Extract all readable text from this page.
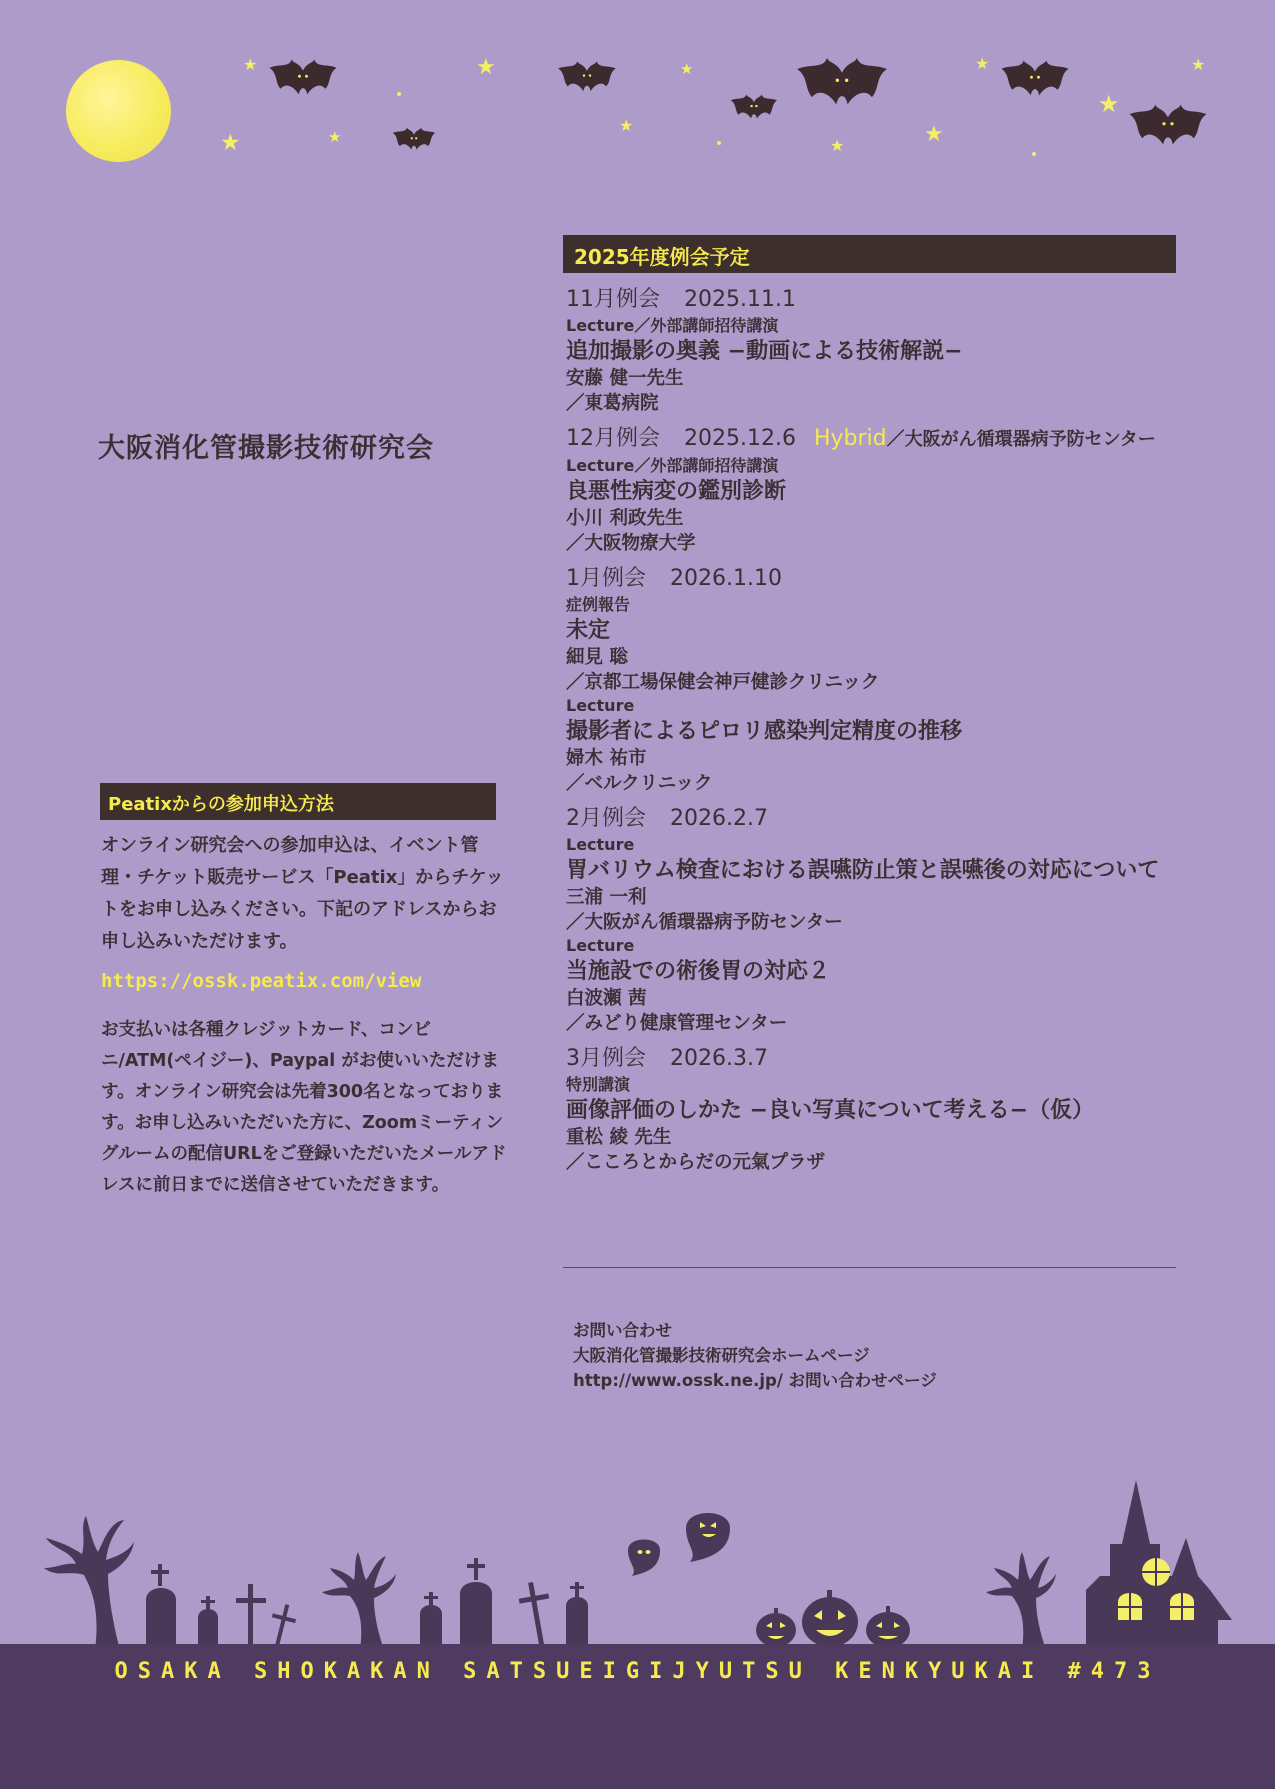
★	★	★	★	★
★
★	★
★
★	★
大阪消化管撮影技術研究会
Peatixからの参加申込方法
オンライン研究会への参加申込は、イベント管理・チケット販売サービス「Peatix」からチケットをお申し込みください。下記のアドレスからお申し込みいただけます。
https://ossk.peatix.com/view
お支払いは各種クレジットカード、コンビニ/ATM(ペイジー)、Paypal がお使いいただけます。オンライン研究会は先着300名となっております。お申し込みいただいた方に、Zoomミーティングルームの配信URLをご登録いただいたメールアドレスに前日までに送信させていただきます。
2025年度例会予定
11月例会 2025.11.1
Lecture／外部講師招待講演
追加撮影の奥義 −動画による技術解説−
安藤 健一先生
／東葛病院
12月例会 2025.12.6 Hybrid／大阪がん循環器病予防センター
Lecture／外部講師招待講演
良悪性病変の鑑別診断
小川 利政先生
／大阪物療大学
1月例会 2026.1.10
症例報告
未定
細見 聡
／京都工場保健会神戸健診クリニック
Lecture
撮影者によるピロリ感染判定精度の推移
婦木 祐市
／ベルクリニック
2月例会 2026.2.7
Lecture
胃バリウム検査における誤嚥防止策と誤嚥後の対応について
三浦 一利
／大阪がん循環器病予防センター
Lecture
当施設での術後胃の対応２
白波瀬 茜
／みどり健康管理センター
3月例会 2026.3.7
特別講演
画像評価のしかた −良い写真について考える−（仮）
重松 綾 先生
／こころとからだの元氣プラザ
お問い合わせ
大阪消化管撮影技術研究会ホームページ
http://www.ossk.ne.jp/ お問い合わせページ
OSAKA SHOKAKAN SATSUEIGIJYUTSU KENKYUKAI #473
